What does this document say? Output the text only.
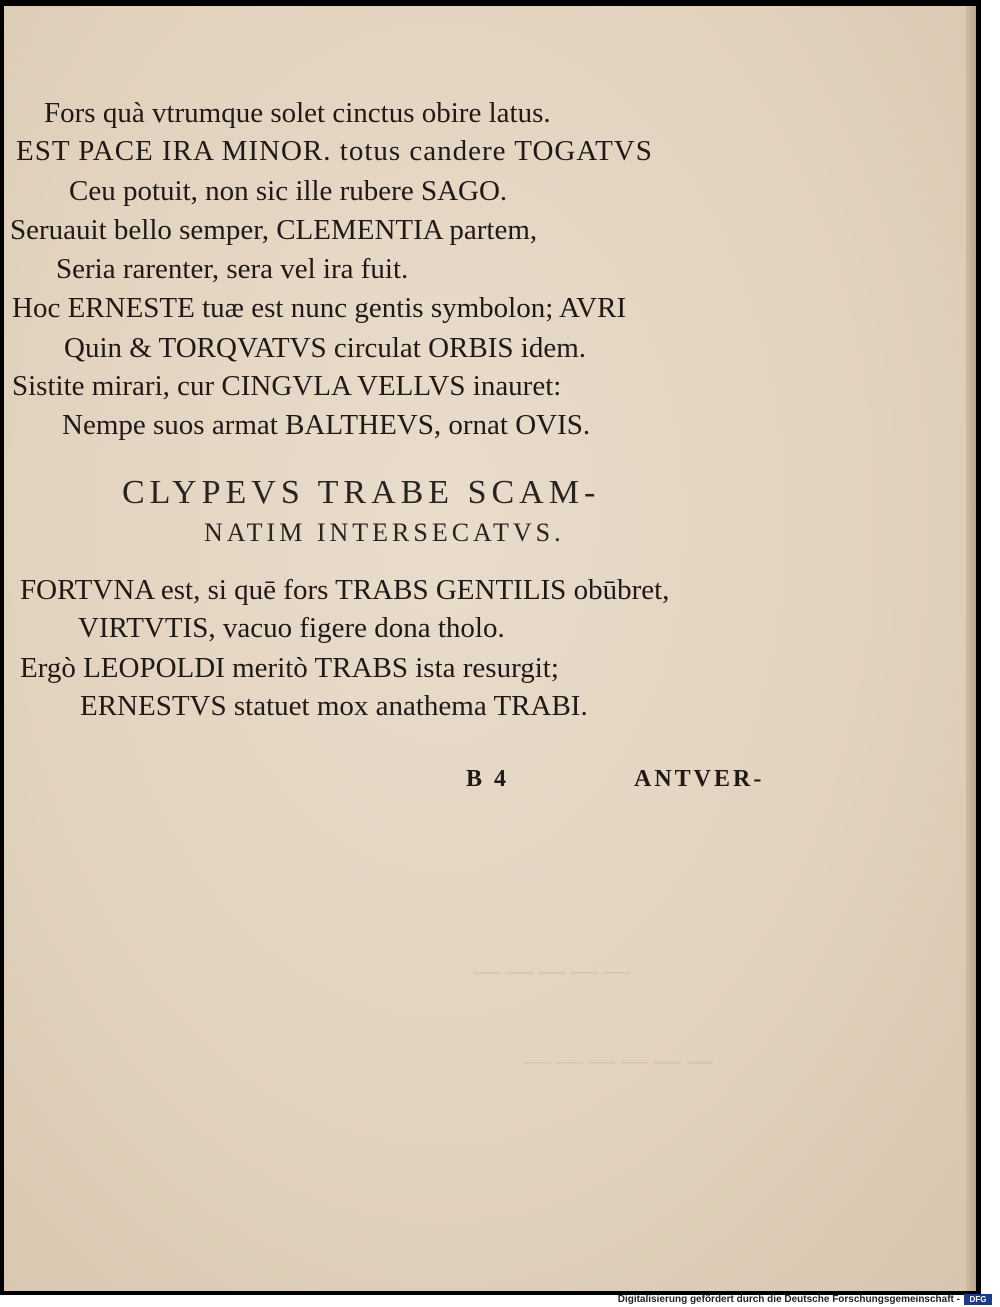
— — — — —
— — — — — —
Fors quà vtrumque solet cinctus obire latus.
EST PACE IRA MINOR. totus candere TOGATVS
Ceu potuit, non sic ille rubere SAGO.
Seruauit bello semper, CLEMENTIA partem,
Seria rarenter, sera vel ira fuit.
Hoc ERNESTE tuæ est nunc gentis symbolon; AVRI
Quin & TORQVATVS circulat ORBIS idem.
Sistite mirari, cur CINGVLA VELLVS inauret:
Nempe suos armat BALTHEVS, ornat OVIS.
CLYPEVS TRABE SCAM-
NATIM INTERSECATVS.
FORTVNA est, si quē fors TRABS GENTILIS obūbret,
VIRTVTIS, vacuo figere dona tholo.
Ergò LEOPOLDI meritò TRABS ista resurgit;
ERNESTVS statuet mox anathema TRABI.
B 4	ANTVER-
Digitalisierung gefördert durch die Deutsche Forschungsgemeinschaft -	DFG
